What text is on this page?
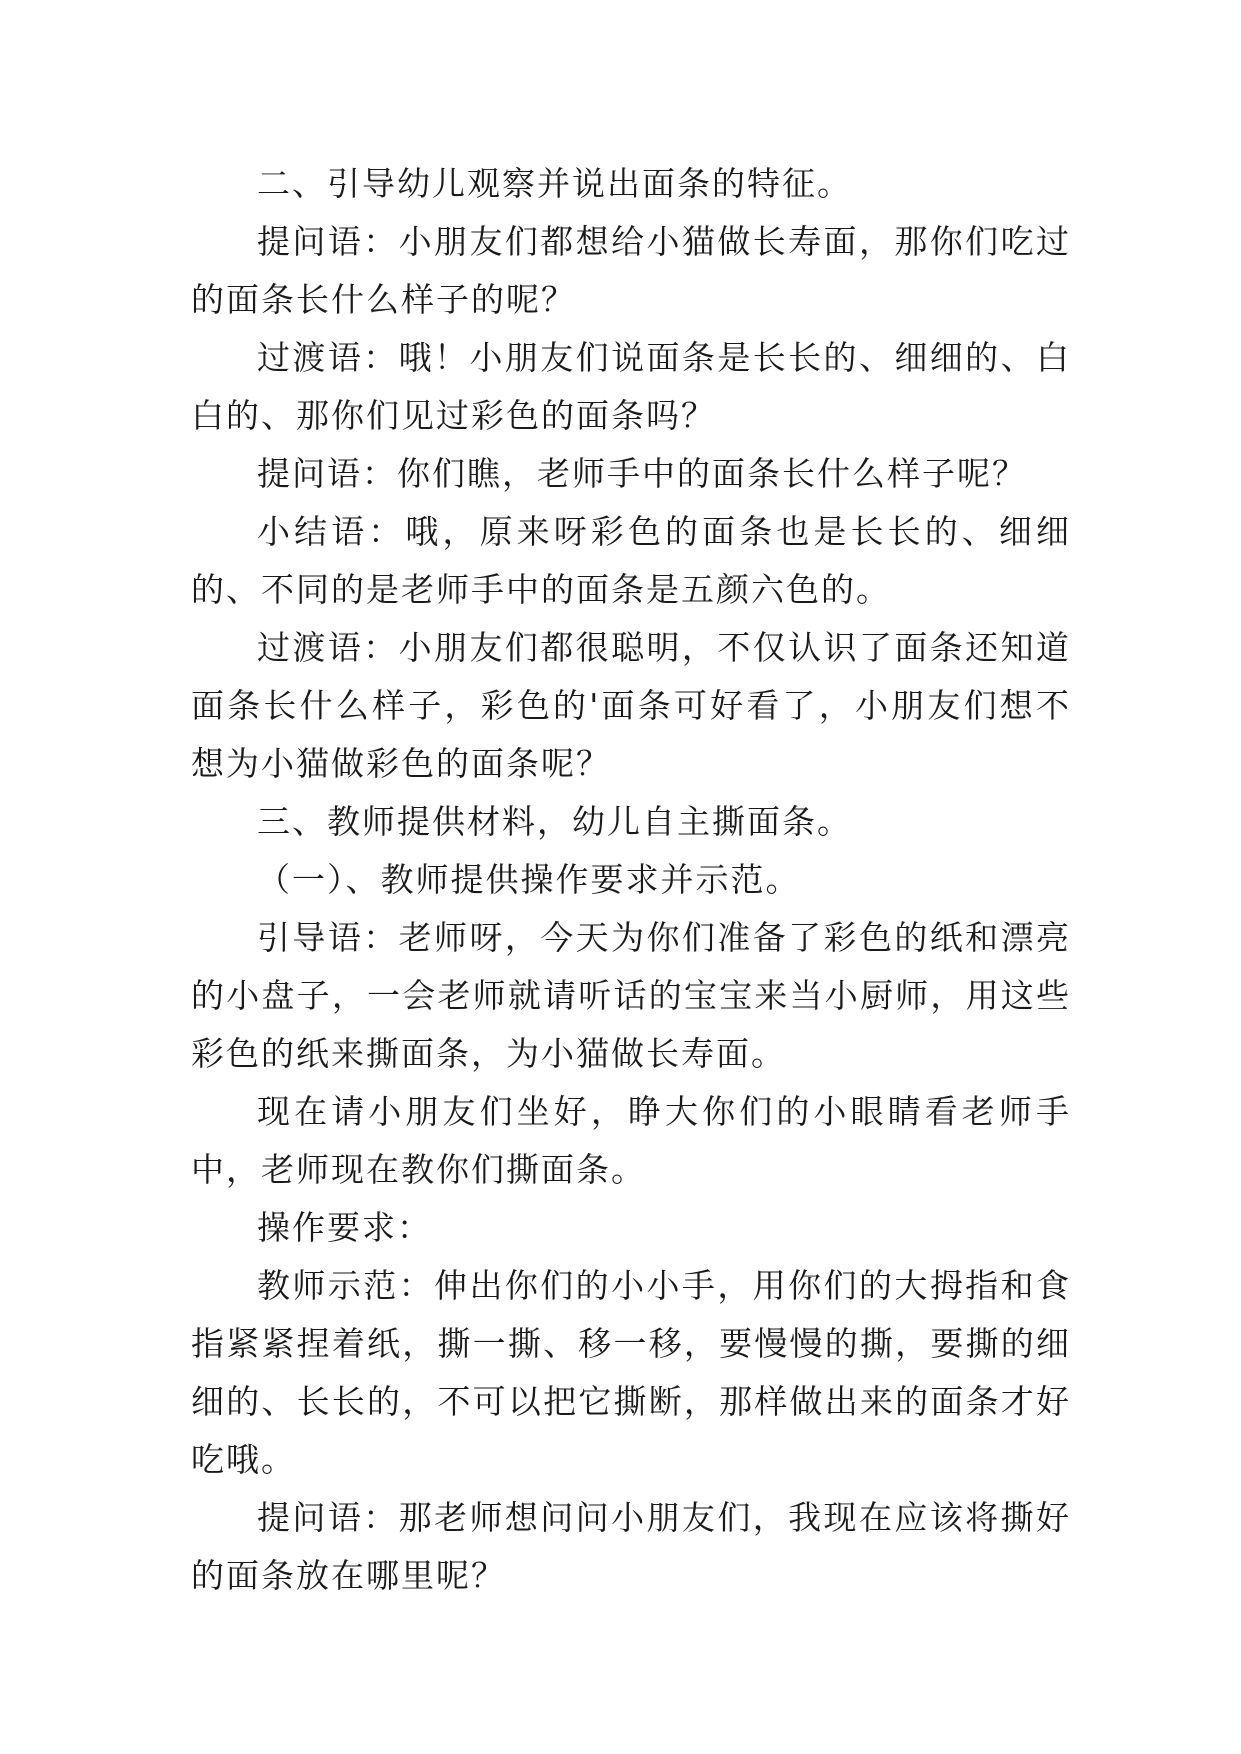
二、引导幼儿观察并说出面条的特征。

提问语：小朋友们都想给小猫做长寿面，那你们吃过的面条长什么样子的呢？

过渡语：哦！小朋友们说面条是长长的、细细的、白白的、那你们见过彩色的面条吗？

提问语：你们瞧，老师手中的面条长什么样子呢？

小结语：哦，原来呀彩色的面条也是长长的、细细的、不同的是老师手中的面条是五颜六色的。

过渡语：小朋友们都很聪明，不仅认识了面条还知道面条长什么样子，彩色的'面条可好看了，小朋友们想不想为小猫做彩色的面条呢？

三、教师提供材料，幼儿自主撕面条。

（一）、教师提供操作要求并示范。

引导语：老师呀，今天为你们准备了彩色的纸和漂亮的小盘子，一会老师就请听话的宝宝来当小厨师，用这些彩色的纸来撕面条，为小猫做长寿面。

现在请小朋友们坐好，睁大你们的小眼睛看老师手中，老师现在教你们撕面条。

操作要求：

教师示范：伸出你们的小小手，用你们的大拇指和食指紧紧捏着纸，撕一撕、移一移，要慢慢的撕，要撕的细细的、长长的，不可以把它撕断，那样做出来的面条才好吃哦。

提问语：那老师想问问小朋友们，我现在应该将撕好的面条放在哪里呢？
